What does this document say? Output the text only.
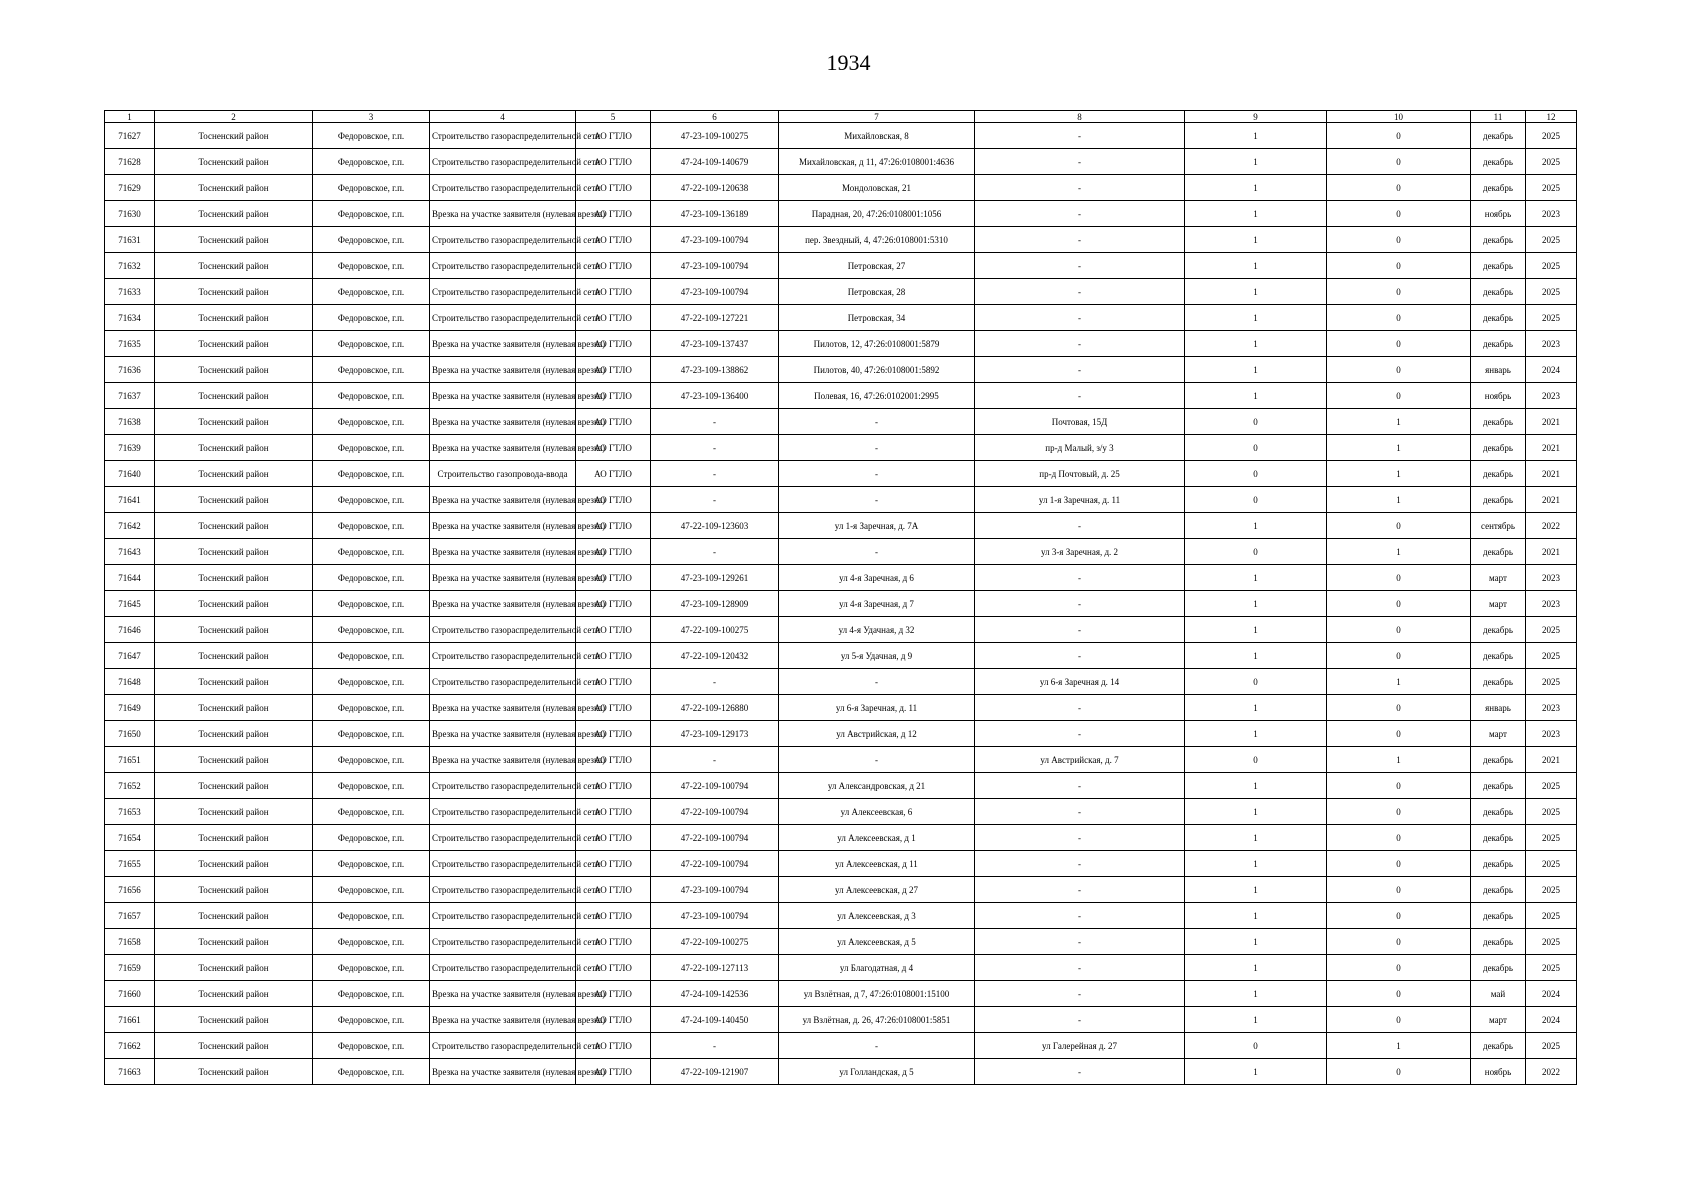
1934
1	2	3	4	5	6	7	8	9	10	11	12
71627	Тосненский район	Федоровское, г.п.	Строительство газораспределительной сети	АО ГТЛО	47-23-109-100275	Михайловская, 8	-	1	0	декабрь	2025
71628	Тосненский район	Федоровское, г.п.	Строительство газораспределительной сети	АО ГТЛО	47-24-109-140679	Михайловская, д 11, 47:26:0108001:4636	-	1	0	декабрь	2025
71629	Тосненский район	Федоровское, г.п.	Строительство газораспределительной сети	АО ГТЛО	47-22-109-120638	Мондоловская, 21	-	1	0	декабрь	2025
71630	Тосненский район	Федоровское, г.п.	Врезка на участке заявителя (нулевая врезка)	АО ГТЛО	47-23-109-136189	Парадная, 20, 47:26:0108001:1056	-	1	0	ноябрь	2023
71631	Тосненский район	Федоровское, г.п.	Строительство газораспределительной сети	АО ГТЛО	47-23-109-100794	пер. Звездный, 4, 47:26:0108001:5310	-	1	0	декабрь	2025
71632	Тосненский район	Федоровское, г.п.	Строительство газораспределительной сети	АО ГТЛО	47-23-109-100794	Петровская, 27	-	1	0	декабрь	2025
71633	Тосненский район	Федоровское, г.п.	Строительство газораспределительной сети	АО ГТЛО	47-23-109-100794	Петровская, 28	-	1	0	декабрь	2025
71634	Тосненский район	Федоровское, г.п.	Строительство газораспределительной сети	АО ГТЛО	47-22-109-127221	Петровская, 34	-	1	0	декабрь	2025
71635	Тосненский район	Федоровское, г.п.	Врезка на участке заявителя (нулевая врезка)	АО ГТЛО	47-23-109-137437	Пилотов, 12, 47:26:0108001:5879	-	1	0	декабрь	2023
71636	Тосненский район	Федоровское, г.п.	Врезка на участке заявителя (нулевая врезка)	АО ГТЛО	47-23-109-138862	Пилотов, 40, 47:26:0108001:5892	-	1	0	январь	2024
71637	Тосненский район	Федоровское, г.п.	Врезка на участке заявителя (нулевая врезка)	АО ГТЛО	47-23-109-136400	Полевая, 16, 47:26:0102001:2995	-	1	0	ноябрь	2023
71638	Тосненский район	Федоровское, г.п.	Врезка на участке заявителя (нулевая врезка)	АО ГТЛО	-	-	Почтовая, 15Д	0	1	декабрь	2021
71639	Тосненский район	Федоровское, г.п.	Врезка на участке заявителя (нулевая врезка)	АО ГТЛО	-	-	пр-д Малый, з/у 3	0	1	декабрь	2021
71640	Тосненский район	Федоровское, г.п.	Строительство газопровода-ввода	АО ГТЛО	-	-	пр-д Почтовый, д. 25	0	1	декабрь	2021
71641	Тосненский район	Федоровское, г.п.	Врезка на участке заявителя (нулевая врезка)	АО ГТЛО	-	-	ул 1-я Заречная, д. 11	0	1	декабрь	2021
71642	Тосненский район	Федоровское, г.п.	Врезка на участке заявителя (нулевая врезка)	АО ГТЛО	47-22-109-123603	ул 1-я Заречная, д. 7А	-	1	0	сентябрь	2022
71643	Тосненский район	Федоровское, г.п.	Врезка на участке заявителя (нулевая врезка)	АО ГТЛО	-	-	ул 3-я Заречная, д. 2	0	1	декабрь	2021
71644	Тосненский район	Федоровское, г.п.	Врезка на участке заявителя (нулевая врезка)	АО ГТЛО	47-23-109-129261	ул 4-я Заречная, д 6	-	1	0	март	2023
71645	Тосненский район	Федоровское, г.п.	Врезка на участке заявителя (нулевая врезка)	АО ГТЛО	47-23-109-128909	ул 4-я Заречная, д 7	-	1	0	март	2023
71646	Тосненский район	Федоровское, г.п.	Строительство газораспределительной сети	АО ГТЛО	47-22-109-100275	ул 4-я Удачная, д 32	-	1	0	декабрь	2025
71647	Тосненский район	Федоровское, г.п.	Строительство газораспределительной сети	АО ГТЛО	47-22-109-120432	ул 5-я Удачная, д 9	-	1	0	декабрь	2025
71648	Тосненский район	Федоровское, г.п.	Строительство газораспределительной сети	АО ГТЛО	-	-	ул 6-я Заречная д. 14	0	1	декабрь	2025
71649	Тосненский район	Федоровское, г.п.	Врезка на участке заявителя (нулевая врезка)	АО ГТЛО	47-22-109-126880	ул 6-я Заречная, д. 11	-	1	0	январь	2023
71650	Тосненский район	Федоровское, г.п.	Врезка на участке заявителя (нулевая врезка)	АО ГТЛО	47-23-109-129173	ул Австрийская, д 12	-	1	0	март	2023
71651	Тосненский район	Федоровское, г.п.	Врезка на участке заявителя (нулевая врезка)	АО ГТЛО	-	-	ул Австрийская, д. 7	0	1	декабрь	2021
71652	Тосненский район	Федоровское, г.п.	Строительство газораспределительной сети	АО ГТЛО	47-22-109-100794	ул Александровская, д 21	-	1	0	декабрь	2025
71653	Тосненский район	Федоровское, г.п.	Строительство газораспределительной сети	АО ГТЛО	47-22-109-100794	ул Алексеевская, 6	-	1	0	декабрь	2025
71654	Тосненский район	Федоровское, г.п.	Строительство газораспределительной сети	АО ГТЛО	47-22-109-100794	ул Алексеевская, д 1	-	1	0	декабрь	2025
71655	Тосненский район	Федоровское, г.п.	Строительство газораспределительной сети	АО ГТЛО	47-22-109-100794	ул Алексеевская, д 11	-	1	0	декабрь	2025
71656	Тосненский район	Федоровское, г.п.	Строительство газораспределительной сети	АО ГТЛО	47-23-109-100794	ул Алексеевская, д 27	-	1	0	декабрь	2025
71657	Тосненский район	Федоровское, г.п.	Строительство газораспределительной сети	АО ГТЛО	47-23-109-100794	ул Алексеевская, д 3	-	1	0	декабрь	2025
71658	Тосненский район	Федоровское, г.п.	Строительство газораспределительной сети	АО ГТЛО	47-22-109-100275	ул Алексеевская, д 5	-	1	0	декабрь	2025
71659	Тосненский район	Федоровское, г.п.	Строительство газораспределительной сети	АО ГТЛО	47-22-109-127113	ул Благодатная, д 4	-	1	0	декабрь	2025
71660	Тосненский район	Федоровское, г.п.	Врезка на участке заявителя (нулевая врезка)	АО ГТЛО	47-24-109-142536	ул Взлётная, д 7, 47:26:0108001:15100	-	1	0	май	2024
71661	Тосненский район	Федоровское, г.п.	Врезка на участке заявителя (нулевая врезка)	АО ГТЛО	47-24-109-140450	ул Взлётная, д. 26, 47:26:0108001:5851	-	1	0	март	2024
71662	Тосненский район	Федоровское, г.п.	Строительство газораспределительной сети	АО ГТЛО	-	-	ул Галерейная д. 27	0	1	декабрь	2025
71663	Тосненский район	Федоровское, г.п.	Врезка на участке заявителя (нулевая врезка)	АО ГТЛО	47-22-109-121907	ул Голландская, д 5	-	1	0	ноябрь	2022
